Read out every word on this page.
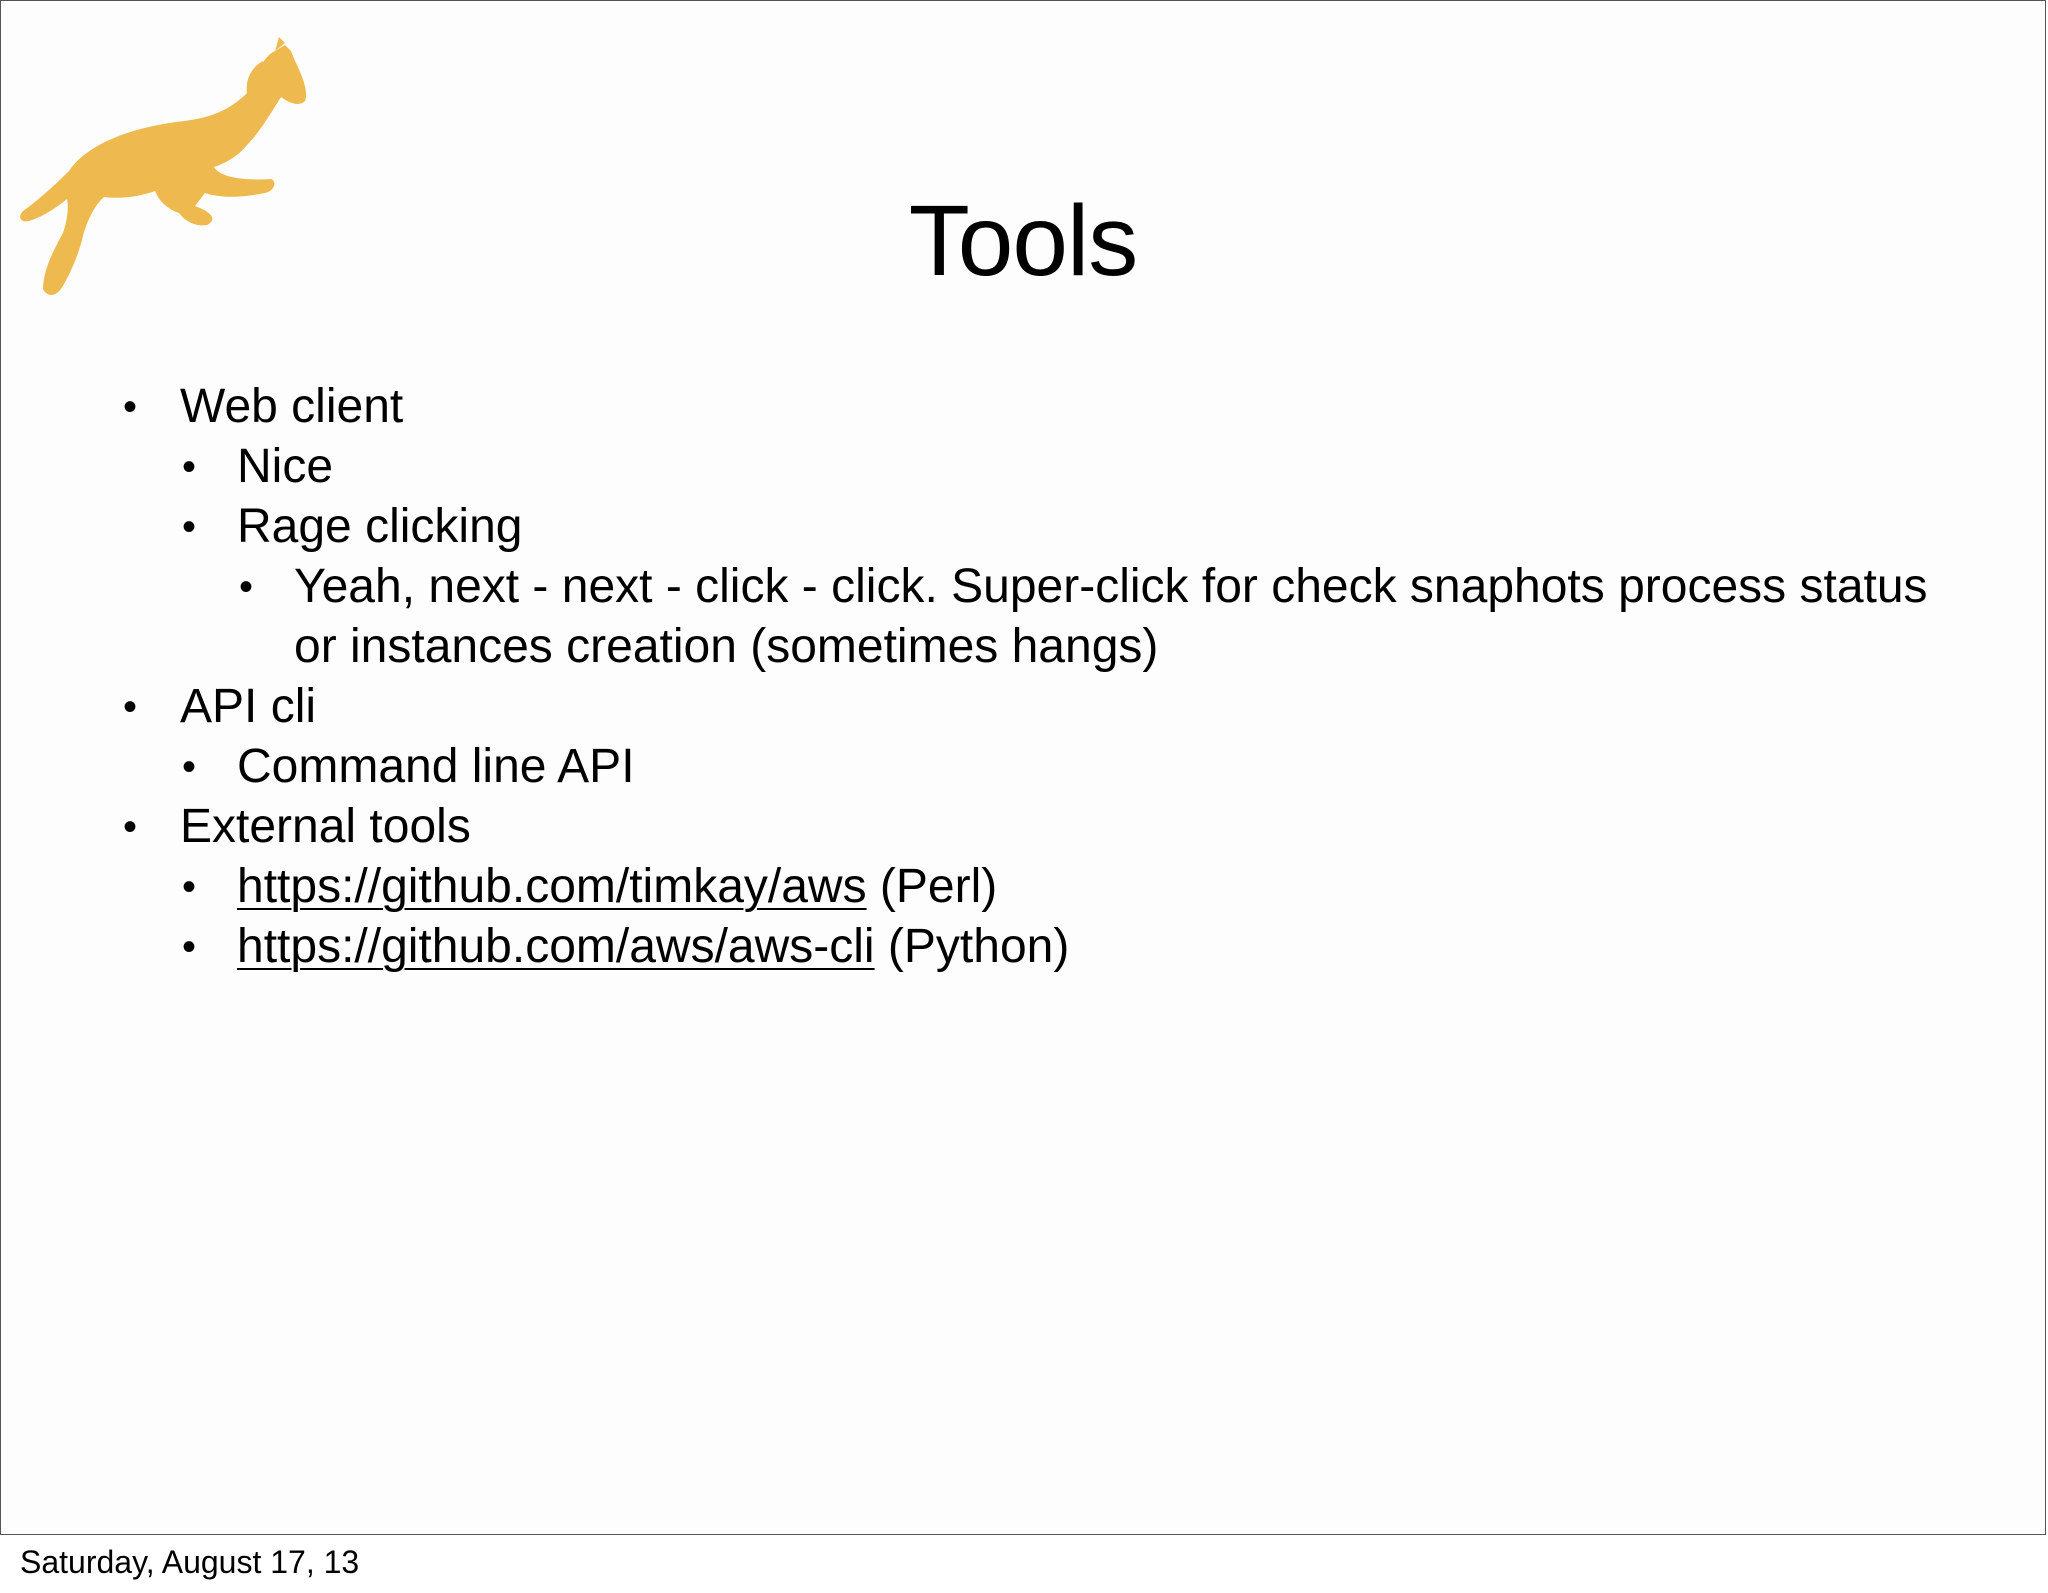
Tools
• Web client
• Nice
• Rage clicking
• Yeah, next - next - click - click. Super-click for check snaphots process status or instances creation (sometimes hangs)
• API cli
• Command line API
• External tools
• https://github.com/timkay/aws (Perl)
• https://github.com/aws/aws-cli (Python)
Saturday, August 17, 13
